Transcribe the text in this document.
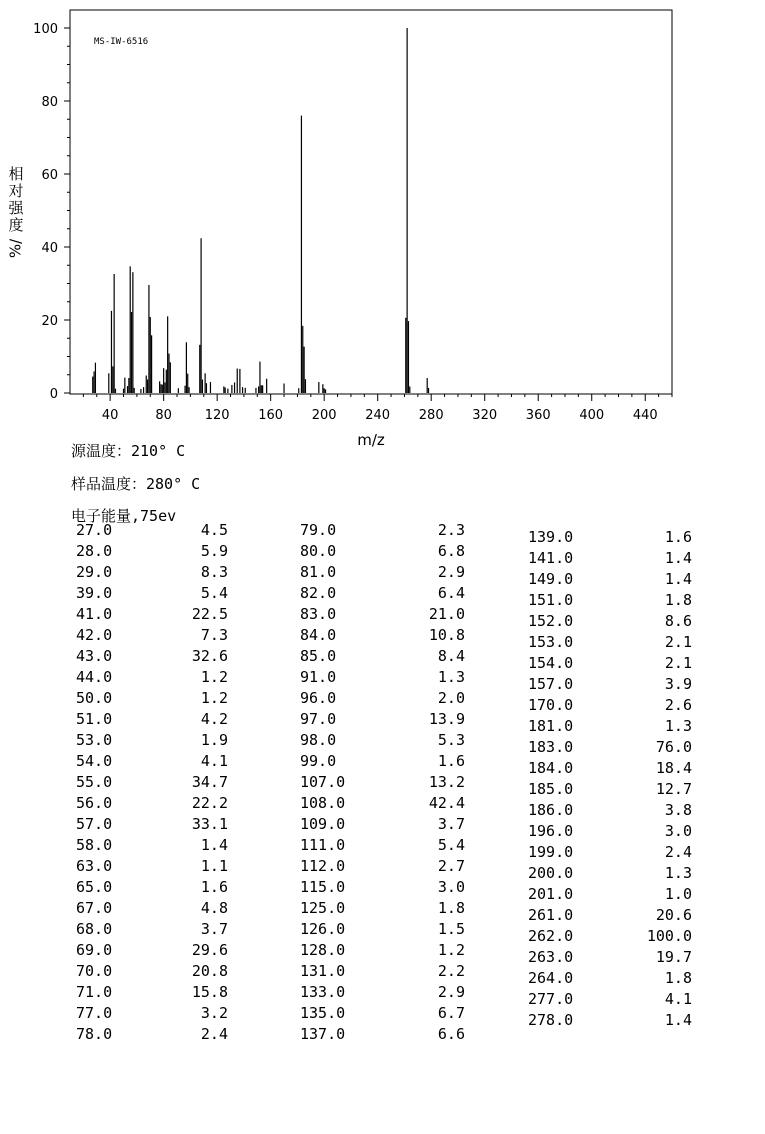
MS-IW-6516
0
20
40
60
80
100
40	80	120 160 200 240 280 320 360 400 440
m/z
相
对
强
度
%/
源温度：210° C
样品温度：280° C
电子能量,75ev
27.0	4.5
28.0	5.9
29.0	8.3
39.0	5.4
41.0	22.5
42.0	7.3
43.0	32.6
44.0	1.2
50.0	1.2
51.0	4.2
53.0	1.9
54.0	4.1
55.0	34.7
56.0	22.2
57.0	33.1
58.0	1.4
63.0	1.1
65.0	1.6
67.0	4.8
68.0	3.7
69.0	29.6
70.0	20.8
71.0	15.8
77.0	3.2
78.0	2.4
79.0	2.3
80.0	6.8
81.0	2.9
82.0	6.4
83.0	21.0
84.0	10.8
85.0	8.4
91.0	1.3
96.0	2.0
97.0	13.9
98.0	5.3
99.0	1.6
107.0	13.2
108.0	42.4
109.0	3.7
111.0	5.4
112.0	2.7
115.0	3.0
125.0	1.8
126.0	1.5
128.0	1.2
131.0	2.2
133.0	2.9
135.0	6.7
137.0	6.6
139.0	1.6
141.0	1.4
149.0	1.4
151.0	1.8
152.0	8.6
153.0	2.1
154.0	2.1
157.0	3.9
170.0	2.6
181.0	1.3
183.0	76.0
184.0	18.4
185.0	12.7
186.0	3.8
196.0	3.0
199.0	2.4
200.0	1.3
201.0	1.0
261.0	20.6
262.0	100.0
263.0	19.7
264.0	1.8
277.0	4.1
278.0	1.4
